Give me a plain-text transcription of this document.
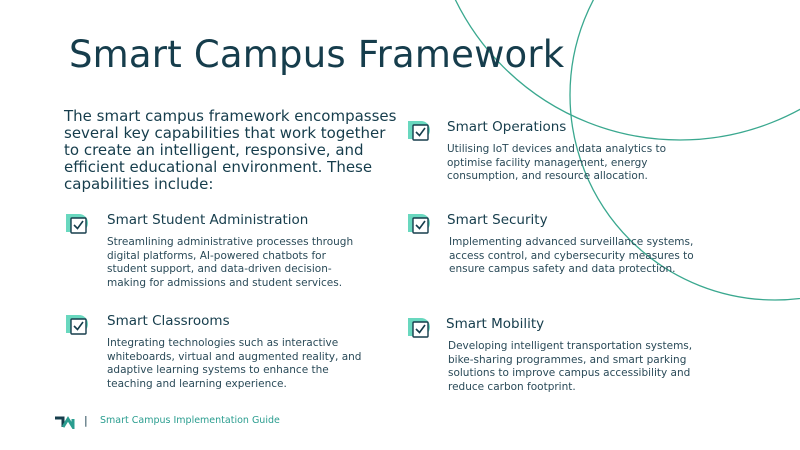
Smart Campus Framework

The smart campus framework encompasses several key capabilities that work together to create an intelligent, responsive, and efficient educational environment. These capabilities include:

Smart Student Administration
Streamlining administrative processes through digital platforms, AI-powered chatbots for student support, and data-driven decision-making for admissions and student services.
Smart Classrooms
Integrating technologies such as interactive whiteboards, virtual and augmented reality, and adaptive learning systems to enhance the teaching and learning experience.
Smart Operations
Utilising IoT devices and data analytics to optimise facility management, energy consumption, and resource allocation.
Smart Security
Implementing advanced surveillance systems, access control, and cybersecurity measures to ensure campus safety and data protection.
Smart Mobility
Developing intelligent transportation systems, bike-sharing programmes, and smart parking solutions to improve campus accessibility and reduce carbon footprint.
| Smart Campus Implementation Guide
